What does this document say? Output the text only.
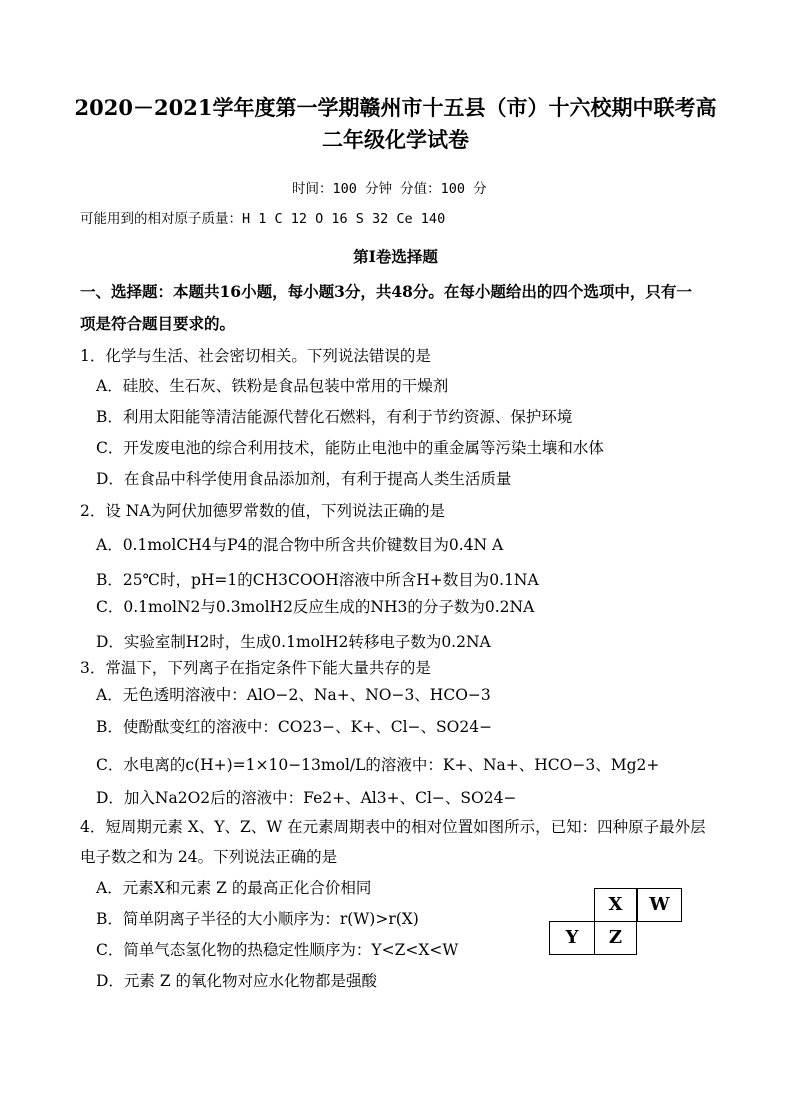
2020－2021学年度第一学期赣州市十五县（市）十六校期中联考高
二年级化学试卷
时间：100 分钟 分值：100 分
可能用到的相对原子质量：H 1 C 12 O 16 S 32 Ce 140
第I卷选择题
一、选择题：本题共16小题，每小题3分，共48分。在每小题给出的四个选项中，只有一
项是符合题目要求的。
1．化学与生活、社会密切相关。下列说法错误的是
A．硅胶、生石灰、铁粉是食品包装中常用的干燥剂
B．利用太阳能等清洁能源代替化石燃料，有利于节约资源、保护环境
C．开发废电池的综合利用技术，能防止电池中的重金属等污染土壤和水体
D．在食品中科学使用食品添加剂，有利于提高人类生活质量
2．设 NA为阿伏加德罗常数的值，下列说法正确的是
A．0.1molCH4与P4的混合物中所含共价键数目为0.4N A
B．25℃时，pH=1的CH3COOH溶液中所含H+数目为0.1NA
C．0.1molN2与0.3molH2反应生成的NH3的分子数为0.2NA
D．实验室制H2时，生成0.1molH2转移电子数为0.2NA
3．常温下，下列离子在指定条件下能大量共存的是
A．无色透明溶液中：AlO−2、Na+、NO−3、HCO−3
B．使酚酞变红的溶液中：CO23−、K+、Cl−、SO24−
C．水电离的c(H+)=1×10−13mol/L的溶液中：K+、Na+、HCO−3、Mg2+
D．加入Na2O2后的溶液中：Fe2+、Al3+、Cl−、SO24−
4．短周期元素 X、Y、Z、W 在元素周期表中的相对位置如图所示，已知：四种原子最外层
电子数之和为 24。下列说法正确的是
A．元素X和元素 Z 的最高正化合价相同
B．简单阴离子半径的大小顺序为：r(W)>r(X)
C．简单气态氢化物的热稳定性顺序为：Y<Z<X<W
D．元素 Z 的氧化物对应水化物都是强酸
X	W
Y	Z
